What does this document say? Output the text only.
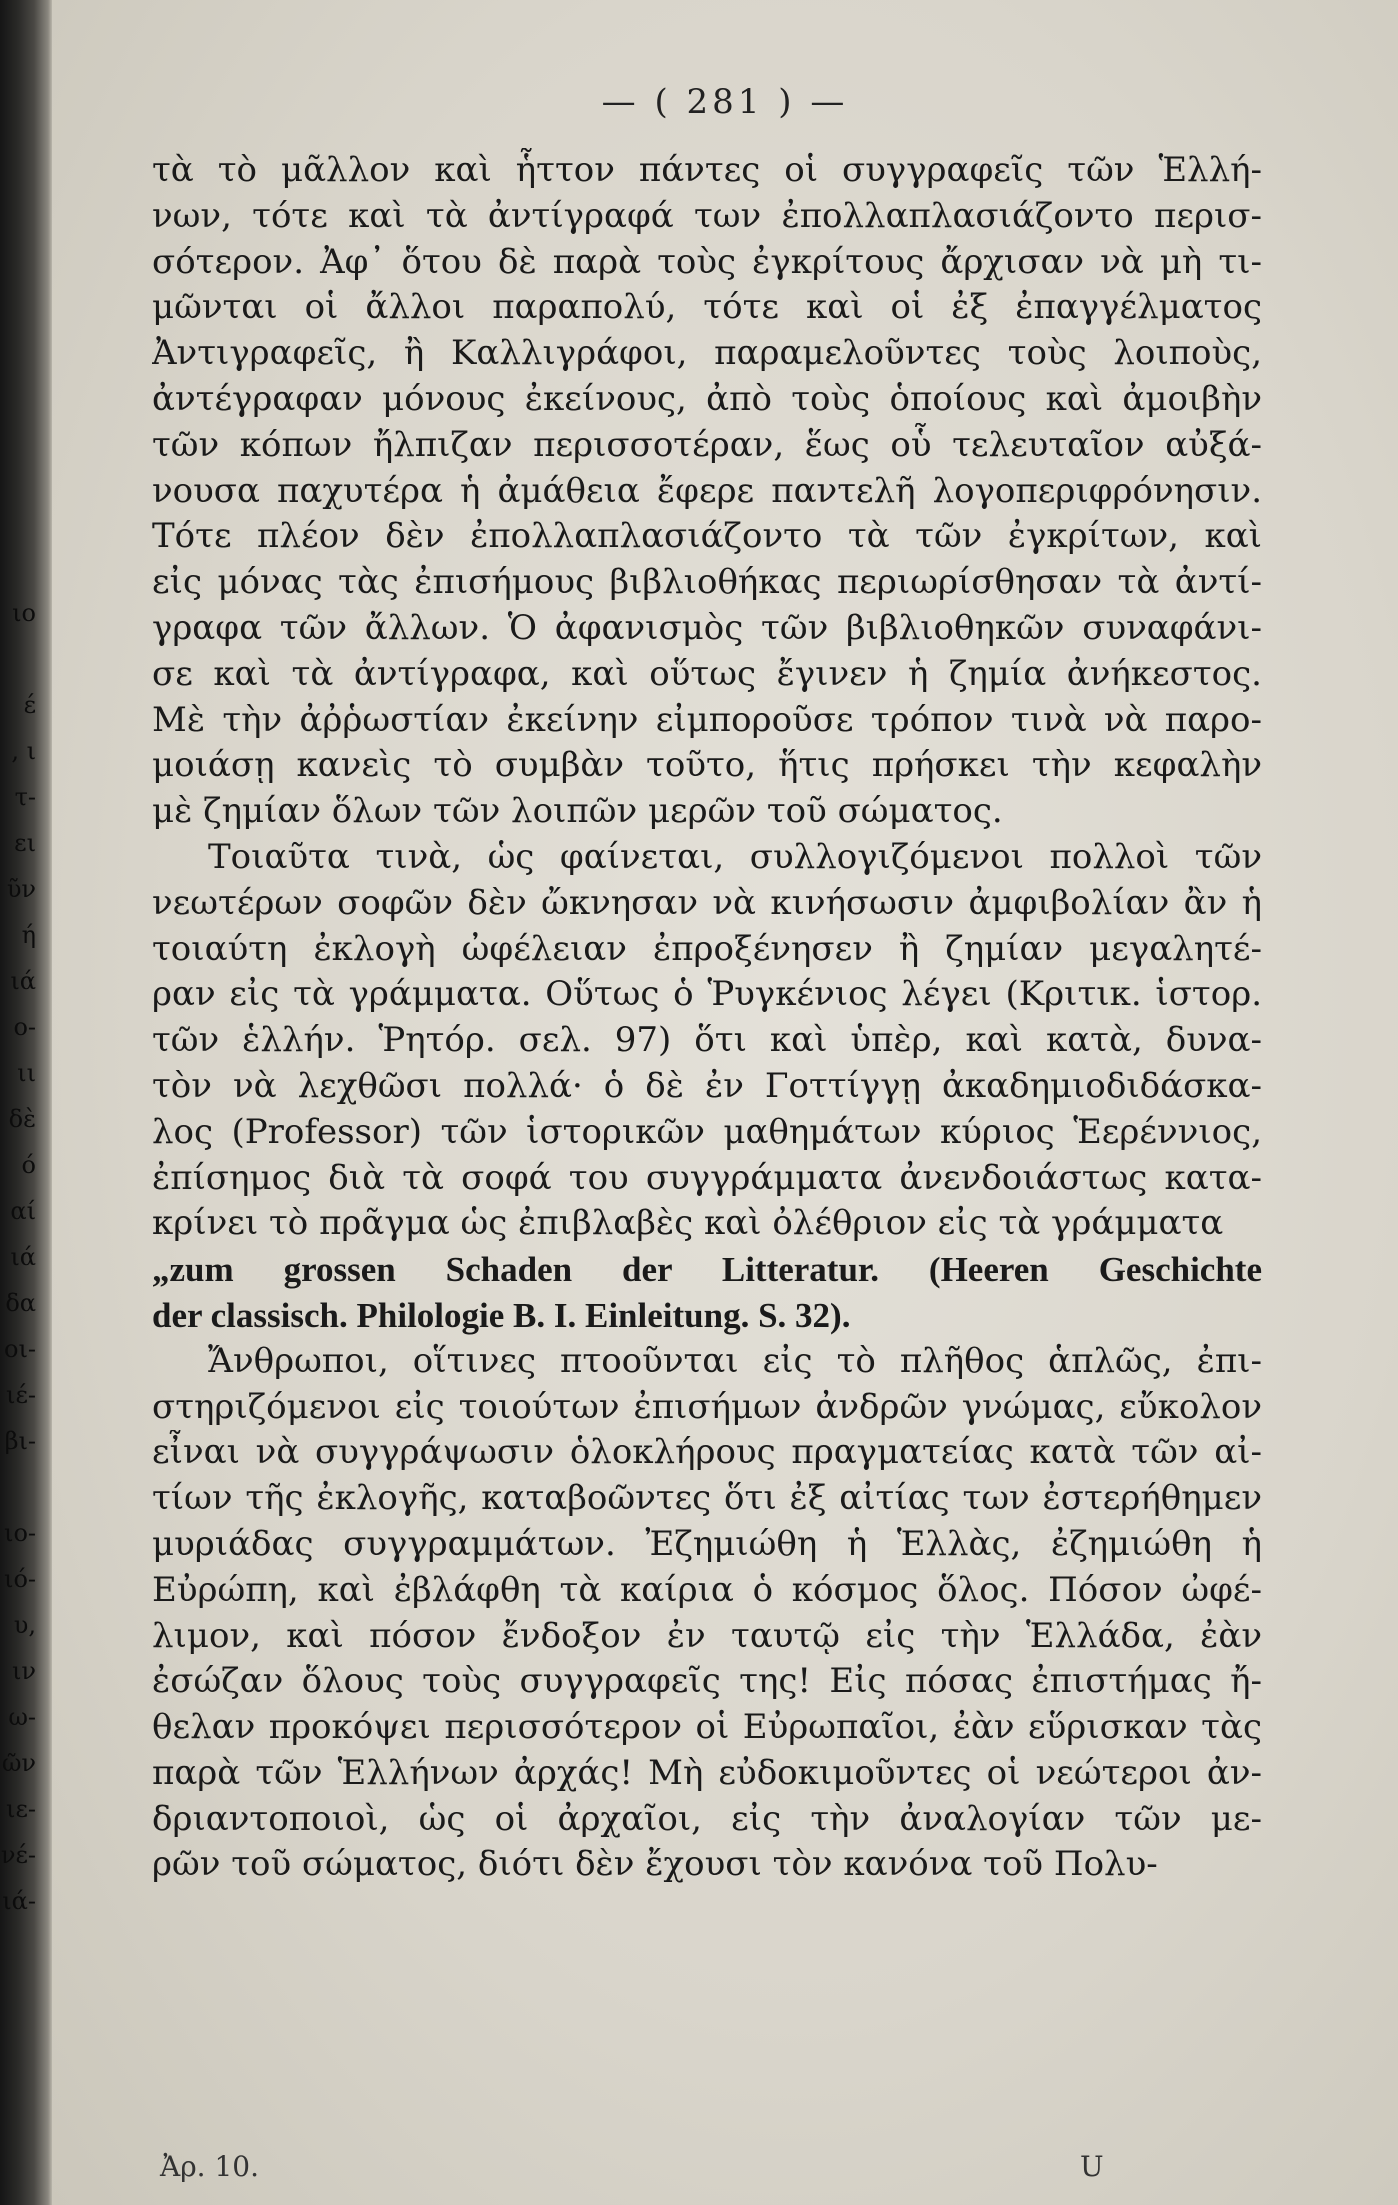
ιο
έ
, ι
τ-
ει
ῦν
ή
ιά
ο-
ιι
δὲ
ό
αί
ιά
δα
οι-
ιέ-
βι-
ιο-
ιό-
υ,
ιν
ω-
ῶν
ιε-
νέ-
ιά-
— ( 281 ) —
τὰ τὸ μᾶλλον καὶ ἧττον πάντες οἱ συγγραφεῖς τῶν Ἑλλή-
νων, τότε καὶ τὰ ἀντίγραφά των ἐπολλαπλασιάζοντο περισ-
σότερον. Ἀφ᾽ ὅτου δὲ παρὰ τοὺς ἐγκρίτους ἄρχισαν νὰ μὴ τι-
μῶνται οἱ ἄλλοι παραπολύ, τότε καὶ οἱ ἐξ ἐπαγγέλματος
Ἀντιγραφεῖς, ἢ Καλλιγράφοι, παραμελοῦντες τοὺς λοιποὺς,
ἀντέγραφαν μόνους ἐκείνους, ἀπὸ τοὺς ὁποίους καὶ ἀμοιβὴν
τῶν κόπων ἤλπιζαν περισσοτέραν, ἕως οὗ τελευταῖον αὐξά-
νουσα παχυτέρα ἡ ἀμάθεια ἔφερε παντελῆ λογοπεριφρόνησιν.
Τότε πλέον δὲν ἐπολλαπλασιάζοντο τὰ τῶν ἐγκρίτων, καὶ
εἰς μόνας τὰς ἐπισήμους βιβλιοθήκας περιωρίσθησαν τὰ ἀντί-
γραφα τῶν ἄλλων. Ὁ ἀφανισμὸς τῶν βιβλιοθηκῶν συναφάνι-
σε καὶ τὰ ἀντίγραφα, καὶ οὕτως ἔγινεν ἡ ζημία ἀνήκεστος.
Μὲ τὴν ἀῤῥωστίαν ἐκείνην εἰμποροῦσε τρόπον τινὰ νὰ παρο-
μοιάσῃ κανεὶς τὸ συμβὰν τοῦτο, ἥτις πρήσκει τὴν κεφαλὴν
μὲ ζημίαν ὅλων τῶν λοιπῶν μερῶν τοῦ σώματος.
Τοιαῦτα τινὰ, ὡς φαίνεται, συλλογιζόμενοι πολλοὶ τῶν
νεωτέρων σοφῶν δὲν ὤκνησαν νὰ κινήσωσιν ἀμφιβολίαν ἂν ἡ
τοιαύτη ἐκλογὴ ὠφέλειαν ἐπροξένησεν ἢ ζημίαν μεγαλητέ-
ραν εἰς τὰ γράμματα. Οὕτως ὁ Ῥυγκένιος λέγει (Κριτικ. ἱστορ.
τῶν ἑλλήν. Ῥητόρ. σελ. 97) ὅτι καὶ ὑπὲρ, καὶ κατὰ, δυνα-
τὸν νὰ λεχθῶσι πολλά· ὁ δὲ ἐν Γοττίγγῃ ἀκαδημιοδιδάσκα-
λος (Professor) τῶν ἱστορικῶν μαθημάτων κύριος Ἑερέννιος,
ἐπίσημος διὰ τὰ σοφά του συγγράμματα ἀνενδοιάστως κατα-
κρίνει τὸ πρᾶγμα ὡς ἐπιβλαβὲς καὶ ὀλέθριον εἰς τὰ γράμματα
„zum grossen Schaden der Litteratur. (Heeren Geschichte
der classisch. Philologie B. I. Einleitung. S. 32).
Ἄνθρωποι, οἵτινες πτοοῦνται εἰς τὸ πλῆθος ἁπλῶς, ἐπι-
στηριζόμενοι εἰς τοιούτων ἐπισήμων ἀνδρῶν γνώμας, εὔκολον
εἶναι νὰ συγγράψωσιν ὁλοκλήρους πραγματείας κατὰ τῶν αἰ-
τίων τῆς ἐκλογῆς, καταβοῶντες ὅτι ἐξ αἰτίας των ἐστερήθημεν
μυριάδας συγγραμμάτων. Ἐζημιώθη ἡ Ἑλλὰς, ἐζημιώθη ἡ
Εὐρώπη, καὶ ἐβλάφθη τὰ καίρια ὁ κόσμος ὅλος. Πόσον ὠφέ-
λιμον, καὶ πόσον ἔνδοξον ἐν ταυτῷ εἰς τὴν Ἑλλάδα, ἐὰν
ἐσώζαν ὅλους τοὺς συγγραφεῖς της! Εἰς πόσας ἐπιστήμας ἤ-
θελαν προκόψει περισσότερον οἱ Εὐρωπαῖοι, ἐὰν εὕρισκαν τὰς
παρὰ τῶν Ἑλλήνων ἀρχάς! Μὴ εὐδοκιμοῦντες οἱ νεώτεροι ἀν-
δριαντοποιοὶ, ὡς οἱ ἀρχαῖοι, εἰς τὴν ἀναλογίαν τῶν με-
ρῶν τοῦ σώματος, διότι δὲν ἔχουσι τὸν κανόνα τοῦ Πολυ-
Ἀρ. 10.	U
